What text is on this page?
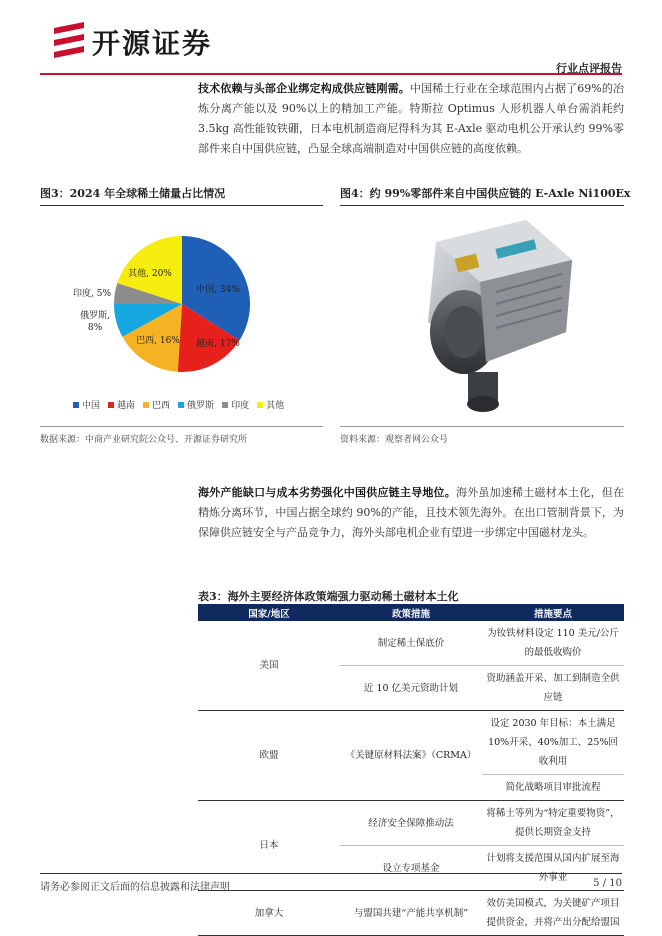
开源证券
行业点评报告
技术依赖与头部企业绑定构成供应链刚需。中国稀土行业在全球范围内占据了69%的冶炼分离产能以及 90%以上的精加工产能。特斯拉 Optimus 人形机器人单台需消耗约 3.5kg 高性能钕铁硼，日本电机制造商尼得科为其 E-Axle 驱动电机公开承认约 99%零部件来自中国供应链，凸显全球高端制造对中国供应链的高度依赖。
图3：2024 年全球稀土储量占比情况
中国, 34%
越南, 17%
巴西, 16%
俄罗斯, 8%
印度, 5%
其他, 20%
中国 越南 巴西 俄罗斯 印度 其他
数据来源：中商产业研究院公众号、开源证券研究所
图4：约 99%零部件来自中国供应链的 E-Axle Ni100Ex
资料来源：观察者网公众号
海外产能缺口与成本劣势强化中国供应链主导地位。海外虽加速稀土磁材本土化，但在精炼分离环节，中国占据全球约 90%的产能，且技术领先海外。在出口管制背景下，为保障供应链安全与产品竞争力，海外头部电机企业有望进一步绑定中国磁材龙头。
表3：海外主要经济体政策端强力驱动稀土磁材本土化
国家/地区	政策措施	措施要点
美国	制定稀土保底价	为钕铁材料设定 110 美元/公斤的最低收购价
	近 10 亿美元资助计划	资助涵盖开采、加工到制造全供应链
欧盟	《关键原材料法案》（CRMA）	设定 2030 年目标：本土满足 10%开采、40%加工、25%回收利用
		简化战略项目审批流程
日本	经济安全保障推动法	将稀土等列为“特定重要物资”，提供长期资金支持
	设立专项基金	计划将支援范围从国内扩展至海外事业
加拿大	与盟国共建“产能共享机制”	效仿美国模式，为关键矿产项目提供资金，并将产出分配给盟国
请务必参阅正文后面的信息披露和法律声明	5 / 10
